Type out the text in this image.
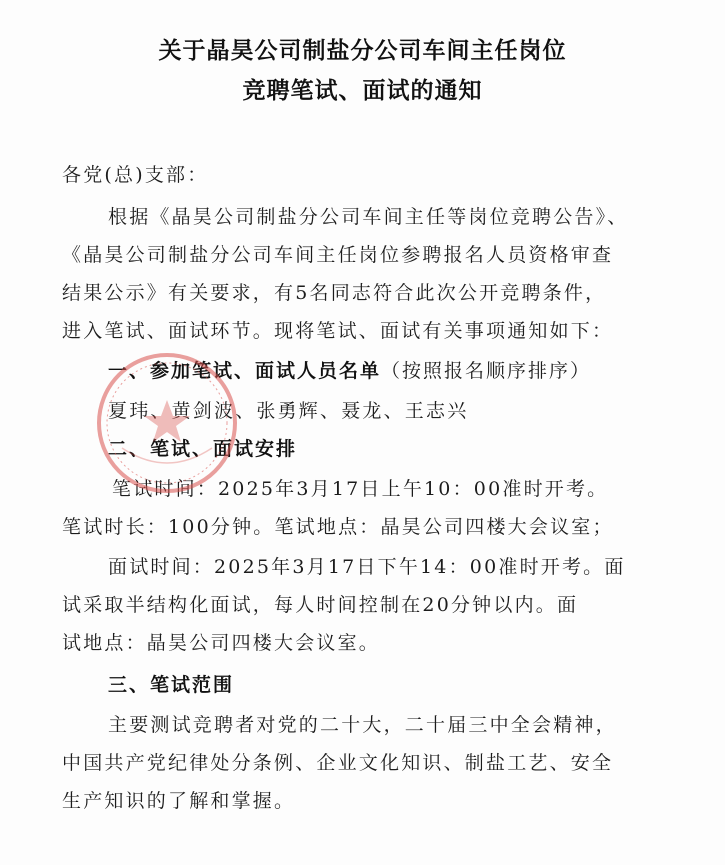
关于晶昊公司制盐分公司车间主任岗位
竞聘笔试、面试的通知
各党(总)支部：
根据《晶昊公司制盐分公司车间主任等岗位竞聘公告》、
《晶昊公司制盐分公司车间主任岗位参聘报名人员资格审查
结果公示》有关要求，有5名同志符合此次公开竞聘条件，
进入笔试、面试环节。现将笔试、面试有关事项通知如下：
一、参加笔试、面试人员名单（按照报名顺序排序）
夏玮、黄剑波、张勇辉、聂龙、王志兴
二、笔试、面试安排
笔试时间：2025年3月17日上午10：00准时开考。
笔试时长：100分钟。笔试地点：晶昊公司四楼大会议室；
面试时间：2025年3月17日下午14：00准时开考。面
试采取半结构化面试，每人时间控制在20分钟以内。面
试地点：晶昊公司四楼大会议室。
三、笔试范围
主要测试竞聘者对党的二十大，二十届三中全会精神，
中国共产党纪律处分条例、企业文化知识、制盐工艺、安全
生产知识的了解和掌握。
